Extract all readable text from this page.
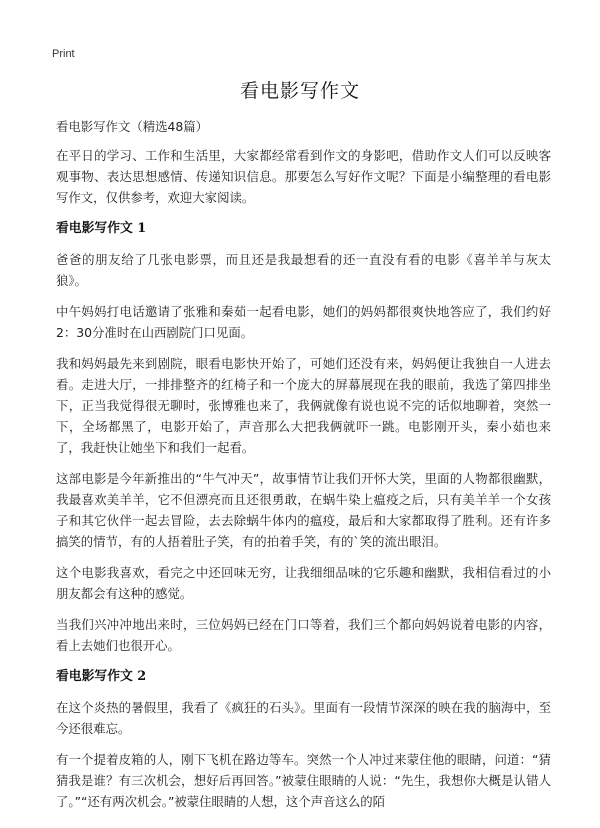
Print
看电影写作文

看电影写作文（精选48篇）

在平日的学习、工作和生活里，大家都经常看到作文的身影吧，借助作文人们可以反映客观事物、表达思想感情、传递知识信息。那要怎么写好作文呢？下面是小编整理的看电影写作文，仅供参考，欢迎大家阅读。

看电影写作文 1

爸爸的朋友给了几张电影票，而且还是我最想看的还一直没有看的电影《喜羊羊与灰太狼》。

中午妈妈打电话邀请了张雅和秦茹一起看电影，她们的妈妈都很爽快地答应了，我们约好2：30分准时在山西剧院门口见面。

我和妈妈最先来到剧院，眼看电影快开始了，可她们还没有来，妈妈便让我独自一人进去看。走进大厅，一排排整齐的红椅子和一个庞大的屏幕展现在我的眼前，我选了第四排坐下，正当我觉得很无聊时，张博雅也来了，我俩就像有说也说不完的话似地聊着，突然一下，全场都黑了，电影开始了，声音那么大把我俩就吓一跳。电影刚开头，秦小茹也来了，我赶快让她坐下和我们一起看。

这部电影是今年新推出的“牛气冲天”，故事情节让我们开怀大笑，里面的人物都很幽默，我最喜欢美羊羊，它不但漂亮而且还很勇敢，在蜗牛染上瘟疫之后，只有美羊羊一个女孩子和其它伙伴一起去冒险，去去除蜗牛体内的瘟疫，最后和大家都取得了胜利。还有许多搞笑的情节，有的人捂着肚子笑，有的拍着手笑，有的`笑的流出眼泪。

这个电影我喜欢，看完之中还回味无穷，让我细细品味的它乐趣和幽默，我相信看过的小朋友都会有这种的感觉。

当我们兴冲冲地出来时，三位妈妈已经在门口等着，我们三个都向妈妈说着电影的内容，看上去她们也很开心。

看电影写作文 2

在这个炎热的暑假里，我看了《疯狂的石头》。里面有一段情节深深的映在我的脑海中，至今还很难忘。

有一个提着皮箱的人，刚下飞机在路边等车。突然一个人冲过来蒙住他的眼睛，问道：“猜猜我是谁？有三次机会，想好后再回答。”被蒙住眼睛的人说：“先生，我想你大概是认错人了。”“还有两次机会。”被蒙住眼睛的人想，这个声音这么的陌
